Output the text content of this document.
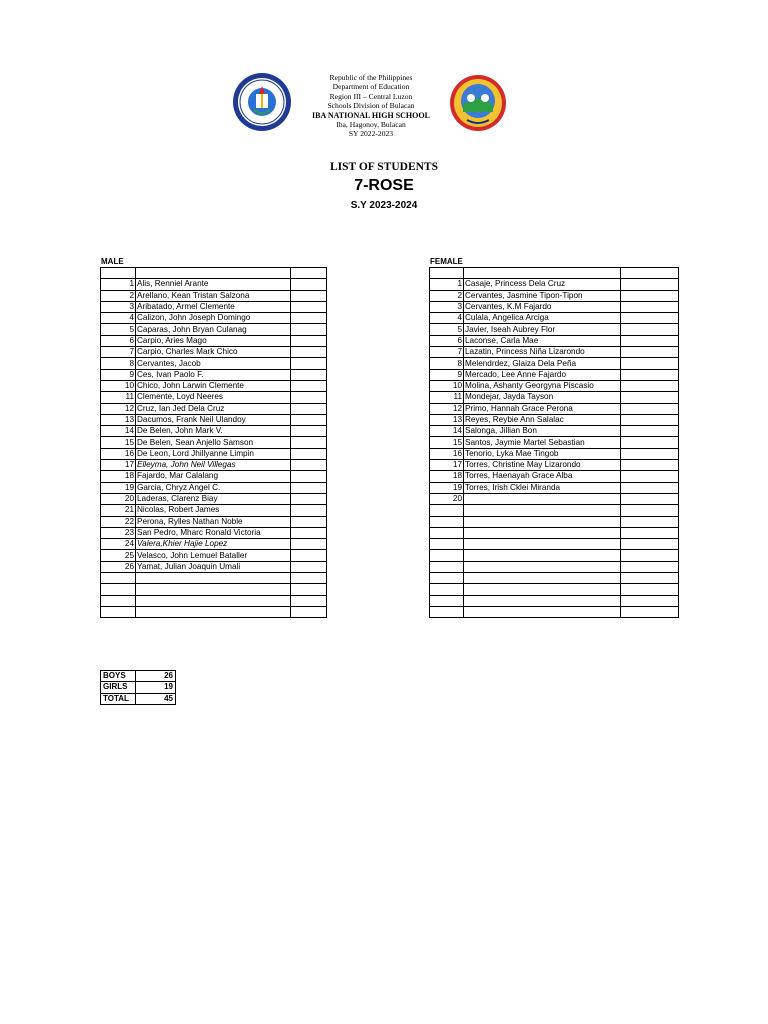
Republic of the Philippines
Department of Education
Region III – Central Luzon
Schools Division of Bulacan
IBA NATIONAL HIGH SCHOOL
Iba, Hagonoy, Bulacan
SY 2022-2023
LIST OF STUDENTS
7-ROSE
S.Y 2023-2024
MALE	FEMALE

1	Alis, Renniel Arante	
2	Arellano, Kean Tristan Salzona	
3	Aribatado, Armel Clemente	
4	Calizon, John Joseph Domingo	
5	Caparas, John Bryan Culanag	
6	Carpio, Aries Mago	
7	Carpio, Charles Mark Chico	
8	Cervantes, Jacob	
9	Ces, Ivan Paolo F.	
10	Chico, John Larwin Clemente	
11	Clemente, Loyd Neeres	
12	Cruz, Ian Jed Dela Cruz	
13	Dacumos, Frank Neil Ulandoy	
14	De Belen, John Mark V.	
15	De Belen, Sean Anjello Samson	
16	De Leon, Lord Jhillyanne Limpin	
17	Elleyma, John Neil Villegas	
18	Fajardo, Mar Calalang	
19	Garcia, Chryz Angel C.	
20	Laderas, Clarenz Biay	
21	Nicolas, Robert James	
22	Perona, Rylles Nathan Noble	
23	San Pedro, Mharc Ronald Victoria	
24	Valera,Khier Hajie Lopez	
25	Velasco, John Lemuel Bataller	
26	Yamat, Julian Joaquin Umali	

1	Casaje, Princess Dela Cruz	
2	Cervantes, Jasmine Tipon-Tipon	
3	Cervantes, K.M Fajardo	
4	Culala, Angelica Arciga	
5	Javier, Iseah Aubrey Flor	
6	Laconse, Carla Mae	
7	Lazatin, Princess Niña Lizarondo	
8	Melendrdez, Glaiza Dela Peña	
9	Mercado, Lee Anne Fajardo	
10	Molina, Ashanty Georgyna Piscasio	
11	Mondejar, Jayda Tayson	
12	Primo, Hannah Grace Perona	
13	Reyes, Reybie Ann Salalac	
14	Salonga, Jillian Bon	
15	Santos, Jaymie Martel Sebastian	
16	Tenorio, Lyka Mae Tingob	
17	Torres, Christine May Lizarondo	
18	Torres, Haenayah Grace Alba	
19	Torres, Irish Cklei Miranda	
20		

BOYS	26
GIRLS	19
TOTAL	45
